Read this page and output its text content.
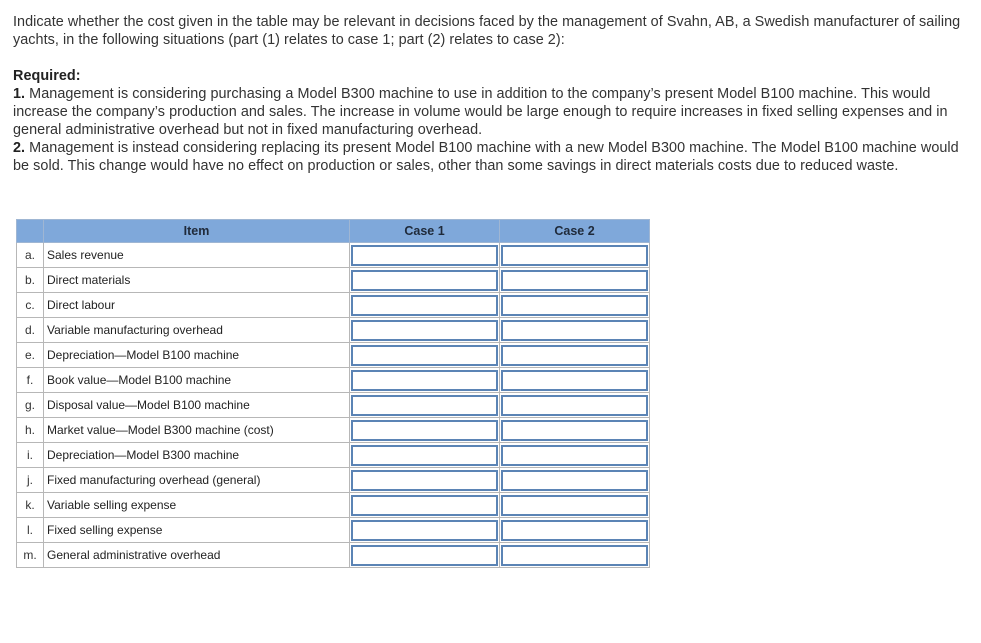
Indicate whether the cost given in the table may be relevant in decisions faced by the management of Svahn, AB, a Swedish manufacturer of sailing yachts, in the following situations (part (1) relates to case 1; part (2) relates to case 2):

Required:

1. Management is considering purchasing a Model B300 machine to use in addition to the company’s present Model B100 machine. This would increase the company’s production and sales. The increase in volume would be large enough to require increases in fixed selling expenses and in general administrative overhead but not in fixed manufacturing overhead.

2. Management is instead considering replacing its present Model B100 machine with a new Model B300 machine. The Model B100 machine would be sold. This change would have no effect on production or sales, other than some savings in direct materials costs due to reduced waste.

	Item	Case 1	Case 2
a.	Sales revenue	

b.	Direct materials	

c.	Direct labour	

d.	Variable manufacturing overhead	

e.	Depreciation—Model B100 machine	

f.	Book value—Model B100 machine	

g.	Disposal value—Model B100 machine	

h.	Market value—Model B300 machine (cost)	

i.	Depreciation—Model B300 machine	

j.	Fixed manufacturing overhead (general)	

k.	Variable selling expense	

l.	Fixed selling expense	

m.	General administrative overhead	
